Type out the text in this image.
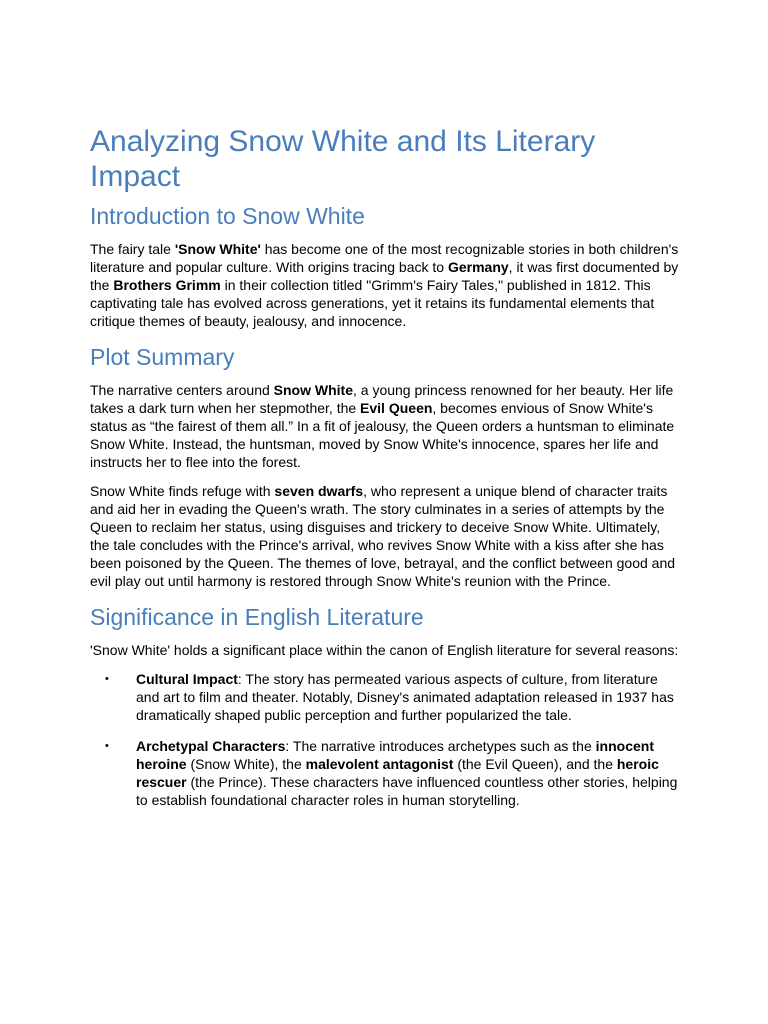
Analyzing Snow White and Its Literary Impact
Introduction to Snow White

The fairy tale 'Snow White' has become one of the most recognizable stories in both children's literature and popular culture. With origins tracing back to Germany, it was first documented by the Brothers Grimm in their collection titled "Grimm's Fairy Tales," published in 1812. This captivating tale has evolved across generations, yet it retains its fundamental elements that critique themes of beauty, jealousy, and innocence.

Plot Summary

The narrative centers around Snow White, a young princess renowned for her beauty. Her life takes a dark turn when her stepmother, the Evil Queen, becomes envious of Snow White's status as “the fairest of them all.” In a fit of jealousy, the Queen orders a huntsman to eliminate Snow White. Instead, the huntsman, moved by Snow White's innocence, spares her life and instructs her to flee into the forest.

Snow White finds refuge with seven dwarfs, who represent a unique blend of character traits and aid her in evading the Queen's wrath. The story culminates in a series of attempts by the Queen to reclaim her status, using disguises and trickery to deceive Snow White. Ultimately, the tale concludes with the Prince's arrival, who revives Snow White with a kiss after she has been poisoned by the Queen. The themes of love, betrayal, and the conflict between good and evil play out until harmony is restored through Snow White's reunion with the Prince.

Significance in English Literature

'Snow White' holds a significant place within the canon of English literature for several reasons:

• Cultural Impact: The story has permeated various aspects of culture, from literature and art to film and theater. Notably, Disney's animated adaptation released in 1937 has dramatically shaped public perception and further popularized the tale.
• Archetypal Characters: The narrative introduces archetypes such as the innocent heroine (Snow White), the malevolent antagonist (the Evil Queen), and the heroic rescuer (the Prince). These characters have influenced countless other stories, helping to establish foundational character roles in human storytelling.
